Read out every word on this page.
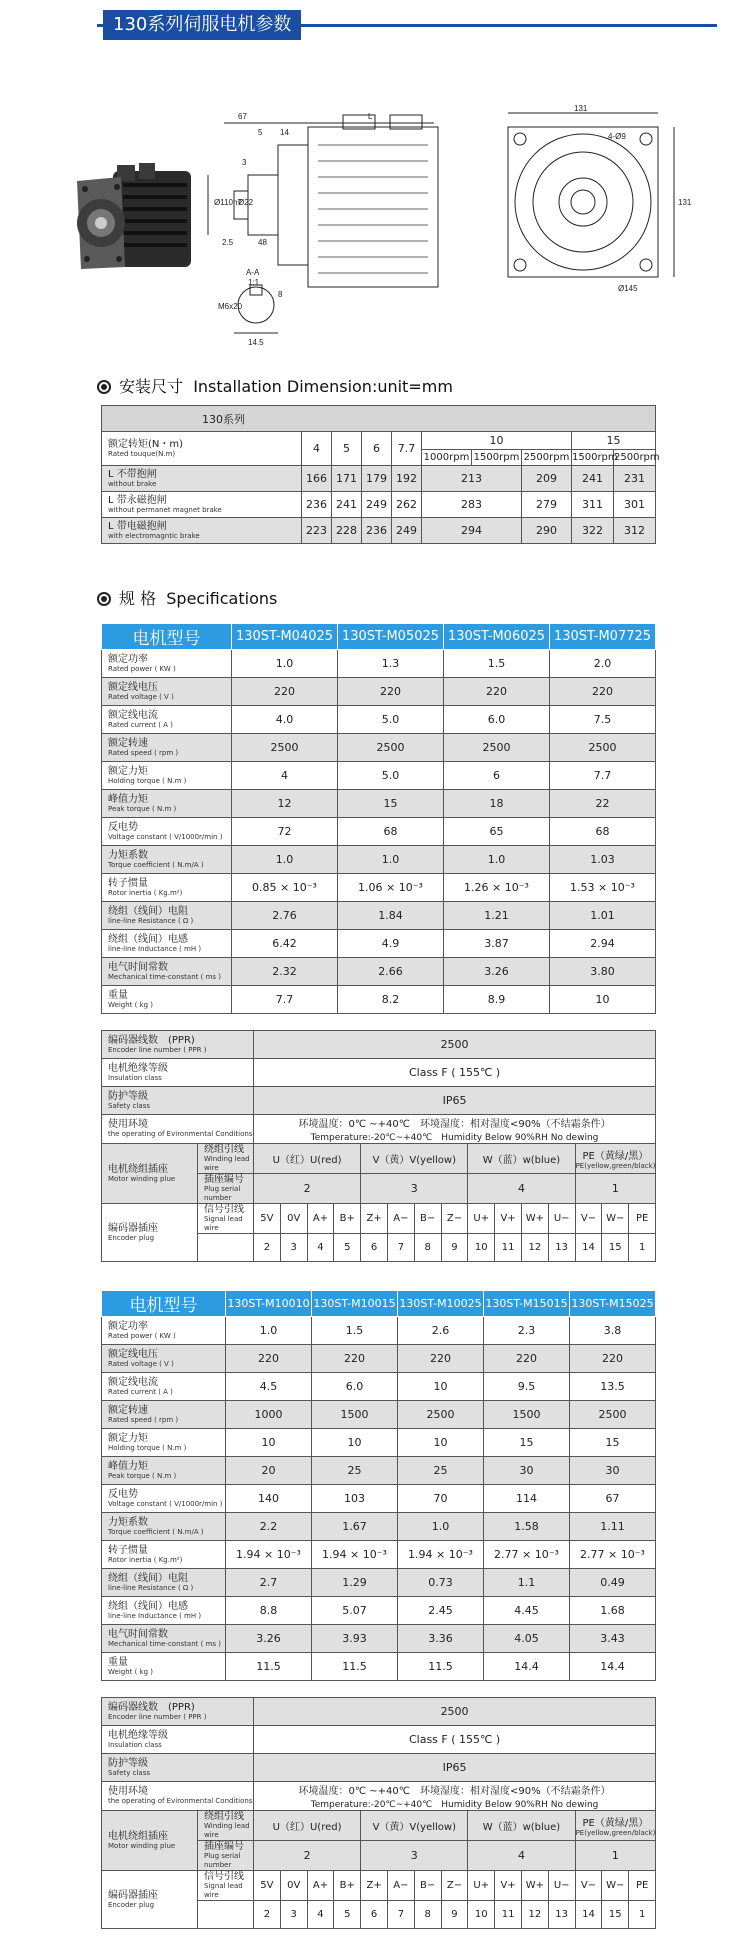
130系列伺服电机参数
67	L
131
14
5
3
Ø110h7
Ø22
2.5	48
A-A
1:1
M6x20
14.5
8
4-Ø9
Ø145
131
安装尺寸 Installation Dimension:unit=mm
130系列									

额定转矩(N・m)
Rated touque(N.m)	4	5	6	7.7	10			15	
					1000rpm	1500rpm	2500rpm	1500rpm	2500rpm

L 不带抱闸
without brake	166	171	179	192	213		209	241	231

L 带永磁抱闸
without permanet magnet brake	236	241	249	262	283		279	311	301

L 带电磁抱闸
with electromagntic brake	223	228	236	249	294		290	322	312
规 格 Specifications
电机型号	130ST-M04025	130ST-M05025	130ST-M06025	130ST-M07725

额定功率
Rated power ( KW )	1.0	1.3	1.5	2.0

额定线电压
Rated voltage ( V )	220	220	220	220

额定线电流
Rated current ( A )	4.0	5.0	6.0	7.5

额定转速
Rated speed ( rpm )	2500	2500	2500	2500

额定力矩
Holding torque ( N.m )	4	5.0	6	7.7

峰值力矩
Peak torque ( N.m )	12	15	18	22

反电势
Voltage constant ( V/1000r/min )	72	68	65	68

力矩系数
Torque coefficient ( N.m/A )	1.0	1.0	1.0	1.03

转子惯量
Rotor inertia ( Kg.m²)	0.85 × 10⁻³	1.06 × 10⁻³	1.26 × 10⁻³	1.53 × 10⁻³

绕组（线间）电阻
line-line Resistance ( Ω )	2.76	1.84	1.21	1.01

绕组（线间）电感
line-line Inductance ( mH )	6.42	4.9	3.87	2.94

电气时间常数
Mechanical time-constant ( ms )	2.32	2.66	3.26	3.80

重量
Weight ( kg )	7.7	8.2	8.9	10
编码器线数　(PPR)
Encoder line number ( PPR )		2500														

电机绝缘等级
Insulation class		Class F ( 155℃ )														

防护等级
Safety class		IP65														

使用环境
the operating of Evironmental Conditions		环境温度：0℃ ~+40℃　环境湿度：相对湿度<90%（不结霜条件）
Temperature:-20℃~+40℃　Humidity Below 90%RH No dewing														

电机绕组插座
Motor winding plue	绕组引线
Winding lead wire	U（红）U(red)				V（黄）V(yellow)				W（蓝）w(blue)				PE（黄绿/黑）
PE(yellow,green/black)		

	插座编号
Plug serial number	2				3				4				1		

编码器插座
Encoder plug	信号引线
Signal lead wire	5V	0V	A+	B+	Z+	A−	B−	Z−	U+	V+	W+	U−	V−	W−	PE
		2	3	4	5	6	7	8	9	10	11	12	13	14	15	1
电机型号	130ST-M10010	130ST-M10015	130ST-M10025	130ST-M15015	130ST-M15025

额定功率
Rated power ( KW )	1.0	1.5	2.6	2.3	3.8

额定线电压
Rated voltage ( V )	220	220	220	220	220

额定线电流
Rated current ( A )	4.5	6.0	10	9.5	13.5

额定转速
Rated speed ( rpm )	1000	1500	2500	1500	2500

额定力矩
Holding torque ( N.m )	10	10	10	15	15

峰值力矩
Peak torque ( N.m )	20	25	25	30	30

反电势
Voltage constant ( V/1000r/min )	140	103	70	114	67

力矩系数
Torque coefficient ( N.m/A )	2.2	1.67	1.0	1.58	1.11

转子惯量
Rotor inertia ( Kg.m²)	1.94 × 10⁻³	1.94 × 10⁻³	1.94 × 10⁻³	2.77 × 10⁻³	2.77 × 10⁻³

绕组（线间）电阻
line-line Resistance ( Ω )	2.7	1.29	0.73	1.1	0.49

绕组（线间）电感
line-line Inductance ( mH )	8.8	5.07	2.45	4.45	1.68

电气时间常数
Mechanical time-constant ( ms )	3.26	3.93	3.36	4.05	3.43

重量
Weight ( kg )	11.5	11.5	11.5	14.4	14.4
编码器线数　(PPR)
Encoder line number ( PPR )		2500														

电机绝缘等级
Insulation class		Class F ( 155℃ )														

防护等级
Safety class		IP65														

使用环境
the operating of Evironmental Conditions		环境温度：0℃ ~+40℃　环境湿度：相对湿度<90%（不结霜条件）
Temperature:-20℃~+40℃　Humidity Below 90%RH No dewing														

电机绕组插座
Motor winding plue	绕组引线
Winding lead wire	U（红）U(red)				V（黄）V(yellow)				W（蓝）w(blue)				PE（黄绿/黑）
PE(yellow,green/black)		

	插座编号
Plug serial number	2				3				4				1		

编码器插座
Encoder plug	信号引线
Signal lead wire	5V	0V	A+	B+	Z+	A−	B−	Z−	U+	V+	W+	U−	V−	W−	PE
		2	3	4	5	6	7	8	9	10	11	12	13	14	15	1
